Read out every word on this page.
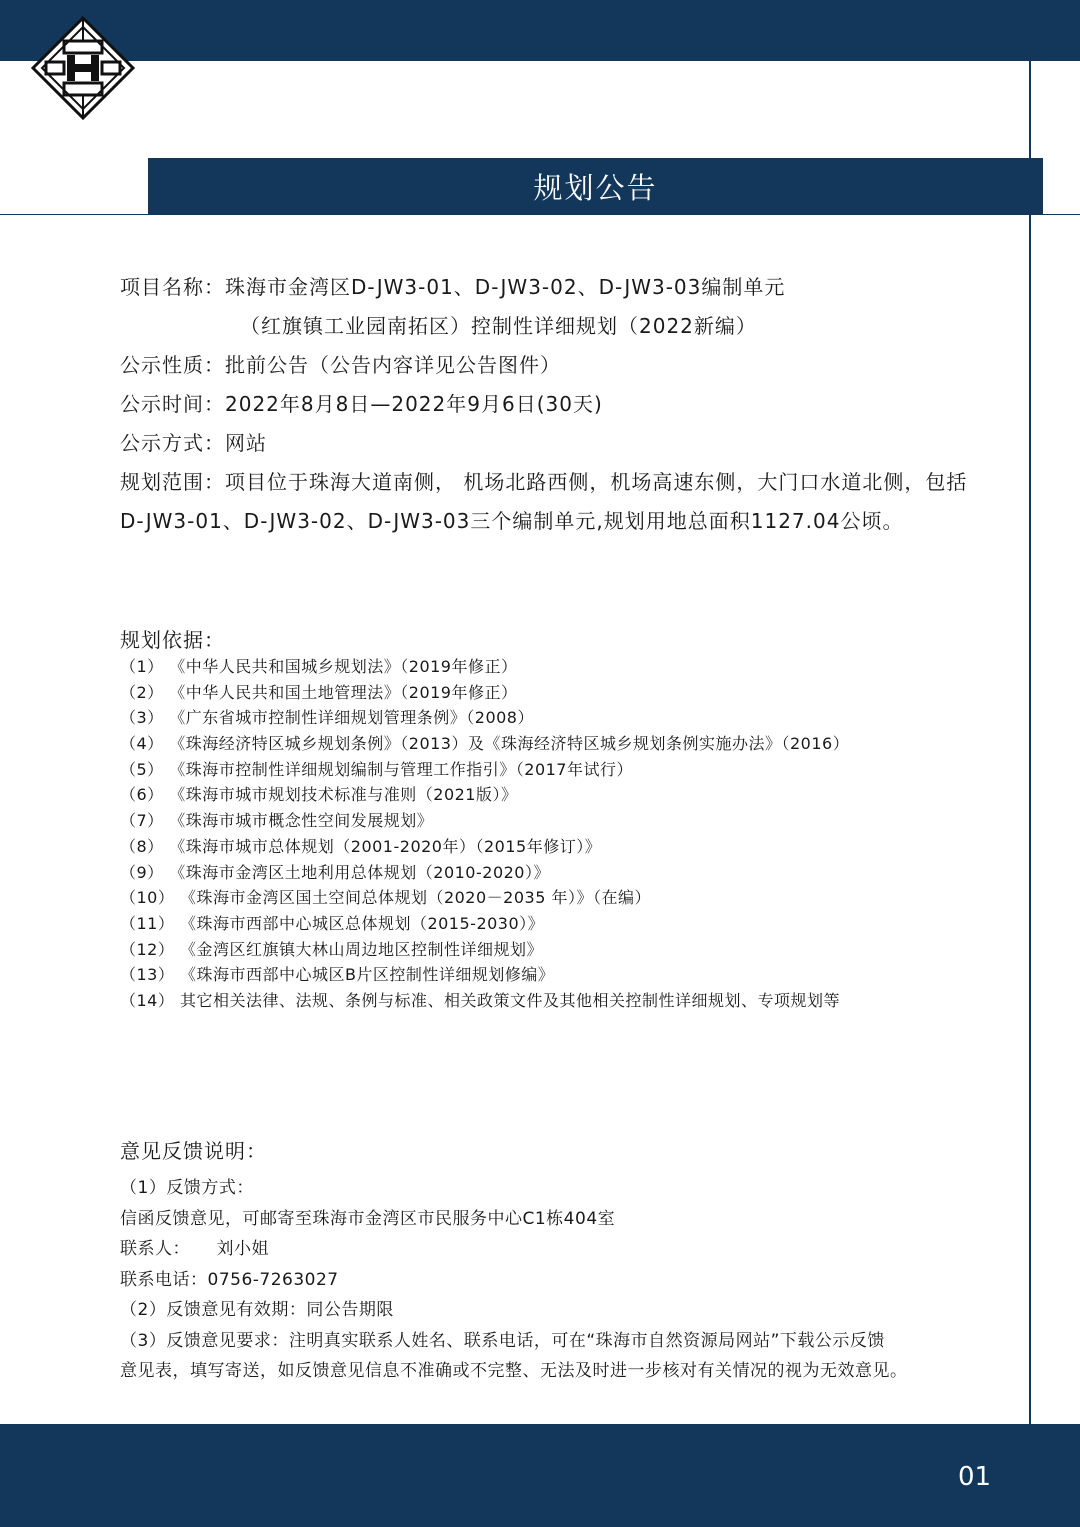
规划公告
项目名称：珠海市金湾区D-JW3-01、D-JW3-02、D-JW3-03编制单元
（红旗镇工业园南拓区）控制性详细规划（2022新编）
公示性质：批前公告（公告内容详见公告图件）
公示时间：2022年8月8日—2022年9月6日(30天)
公示方式：网站
规划范围：项目位于珠海大道南侧， 机场北路西侧，机场高速东侧，大门口水道北侧，包括D-JW3-01、D-JW3-02、D-JW3-03三个编制单元,规划用地总面积1127.04公顷。
规划依据：
（1） 《中华人民共和国城乡规划法》（2019年修正）
（2） 《中华人民共和国土地管理法》（2019年修正）
（3） 《广东省城市控制性详细规划管理条例》（2008）
（4） 《珠海经济特区城乡规划条例》（2013）及《珠海经济特区城乡规划条例实施办法》（2016）
（5） 《珠海市控制性详细规划编制与管理工作指引》（2017年试行）
（6） 《珠海市城市规划技术标准与准则（2021版）》
（7） 《珠海市城市概念性空间发展规划》
（8） 《珠海市城市总体规划（2001-2020年）（2015年修订）》
（9） 《珠海市金湾区土地利用总体规划（2010-2020）》
（10） 《珠海市金湾区国土空间总体规划（2020－2035 年）》（在编）
（11） 《珠海市西部中心城区总体规划（2015-2030）》
（12） 《金湾区红旗镇大林山周边地区控制性详细规划》
（13） 《珠海市西部中心城区B片区控制性详细规划修编》
（14） 其它相关法律、法规、条例与标准、相关政策文件及其他相关控制性详细规划、专项规划等
意见反馈说明：
（1）反馈方式：
信函反馈意见，可邮寄至珠海市金湾区市民服务中心C1栋404室
联系人：　　刘小姐
联系电话：0756-7263027
（2）反馈意见有效期：同公告期限
（3）反馈意见要求：注明真实联系人姓名、联系电话，可在“珠海市自然资源局网站”下载公示反馈
意见表，填写寄送，如反馈意见信息不准确或不完整、无法及时进一步核对有关情况的视为无效意见。
01
